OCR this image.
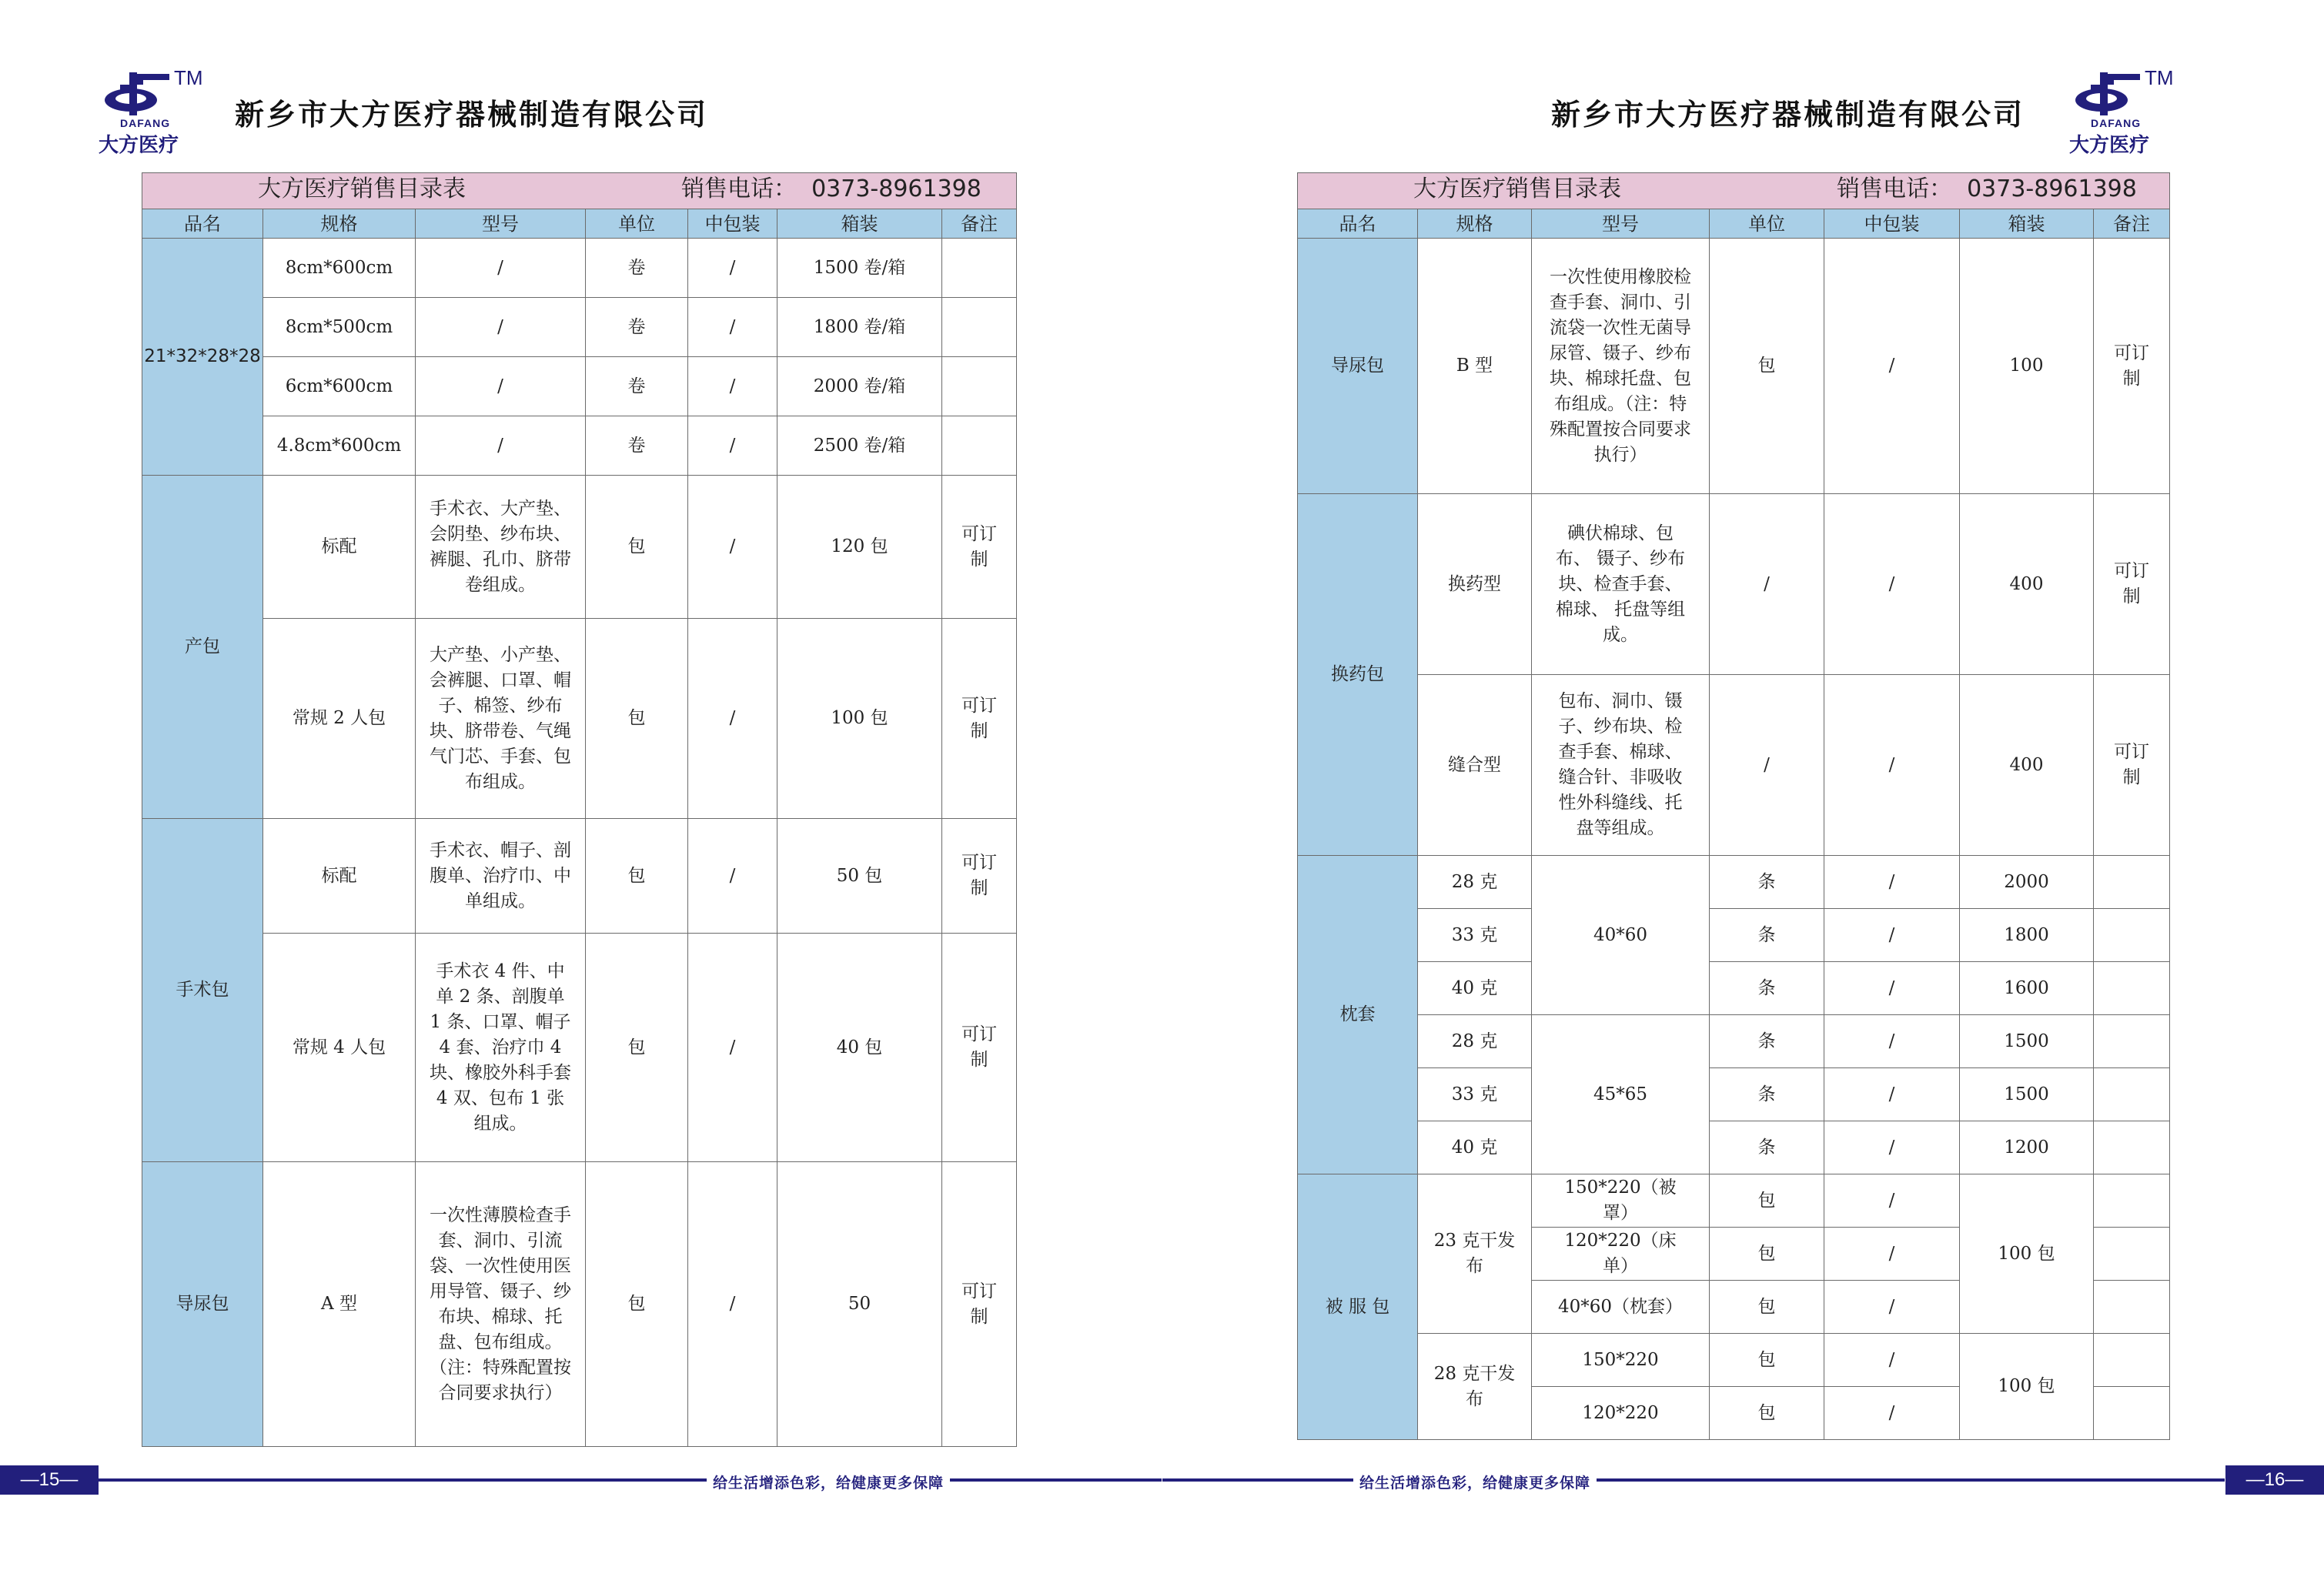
TM
DAFANG
大方医疗
新乡市大方医疗器械制造有限公司
大方医疗销售目录表 销售电话： 0373-8961398						

品名	规格	型号	单位	中包装	箱装	备注
21*32*28*28	8cm*600cm	/	卷	/	1500 卷/箱	
	8cm*500cm	/	卷	/	1800 卷/箱	
	6cm*600cm	/	卷	/	2000 卷/箱	
	4.8cm*600cm	/	卷	/	2500 卷/箱	
产包	标配	手术衣、大产垫、会阴垫、纱布块、裤腿、孔巾、脐带卷组成。	包	/	120 包	可订制
	常规 2 人包	大产垫、小产垫、会裤腿、口罩、帽子、棉签、纱布块、脐带卷、气绳气门芯、手套、包布组成。	包	/	100 包	可订制
手术包	标配	手术衣、帽子、剖腹单、治疗巾、中单组成。	包	/	50 包	可订制
	常规 4 人包	手术衣 4 件、中单 2 条、剖腹单 1 条、口罩、帽子 4 套、治疗巾 4 块、橡胶外科手套 4 双、包布 1 张组成。	包	/	40 包	可订制
导尿包	A 型	一次性薄膜检查手套、洞巾、引流袋、一次性使用医用导管、镊子、纱布块、棉球、托盘、包布组成。（注：特殊配置按合同要求执行）	包	/	50	可订制
—15—	给生活增添色彩，给健康更多保障
新乡市大方医疗器械制造有限公司
TM
DAFANG
大方医疗
大方医疗销售目录表 销售电话： 0373-8961398						

品名	规格	型号	单位	中包装	箱装	备注
导尿包	B 型	一次性使用橡胶检查手套、洞巾、引流袋一次性无菌导尿管、镊子、纱布块、棉球托盘、包布组成。（注：特殊配置按合同要求执行）	包	/	100	可订制
换药包	换药型	碘伏棉球、包布、 镊子、纱布块、检查手套、棉球、 托盘等组成。	/	/	400	可订制
	缝合型	包布、洞巾、镊子、纱布块、检查手套、棉球、缝合针、非吸收性外科缝线、托盘等组成。	/	/	400	可订制
枕套	28 克	40*60	条	/	2000	
	33 克		条	/	1800	
	40 克		条	/	1600	
	28 克	45*65	条	/	1500	
	33 克		条	/	1500	
	40 克		条	/	1200	
被 服 包	23 克干发布	150*220（被罩）	包	/	100 包	
		120*220（床单）	包	/		
		40*60（枕套）	包	/		
	28 克干发布	150*220	包	/	100 包	
		120*220	包	/		
—16—
给生活增添色彩，给健康更多保障
